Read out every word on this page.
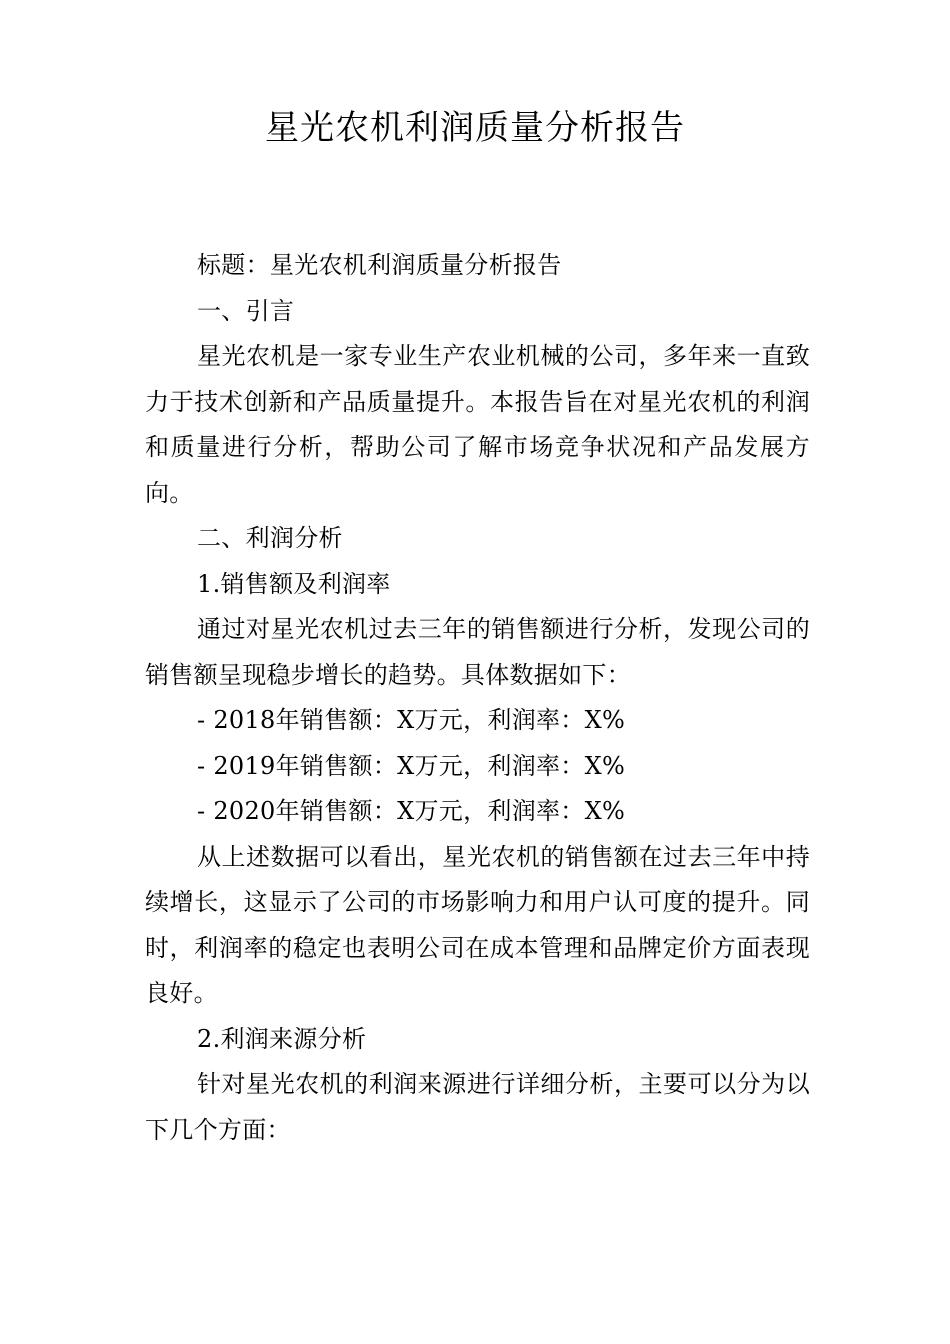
星光农机利润质量分析报告

标题：星光农机利润质量分析报告

一、引言

星光农机是一家专业生产农业机械的公司，多年来一直致力于技术创新和产品质量提升。本报告旨在对星光农机的利润和质量进行分析，帮助公司了解市场竞争状况和产品发展方向。

二、利润分析

1.销售额及利润率

通过对星光农机过去三年的销售额进行分析，发现公司的销售额呈现稳步增长的趋势。具体数据如下：

- 2018年销售额：X万元，利润率：X%

- 2019年销售额：X万元，利润率：X%

- 2020年销售额：X万元，利润率：X%

从上述数据可以看出，星光农机的销售额在过去三年中持续增长，这显示了公司的市场影响力和用户认可度的提升。同时，利润率的稳定也表明公司在成本管理和品牌定价方面表现良好。

2.利润来源分析

针对星光农机的利润来源进行详细分析，主要可以分为以下几个方面：
